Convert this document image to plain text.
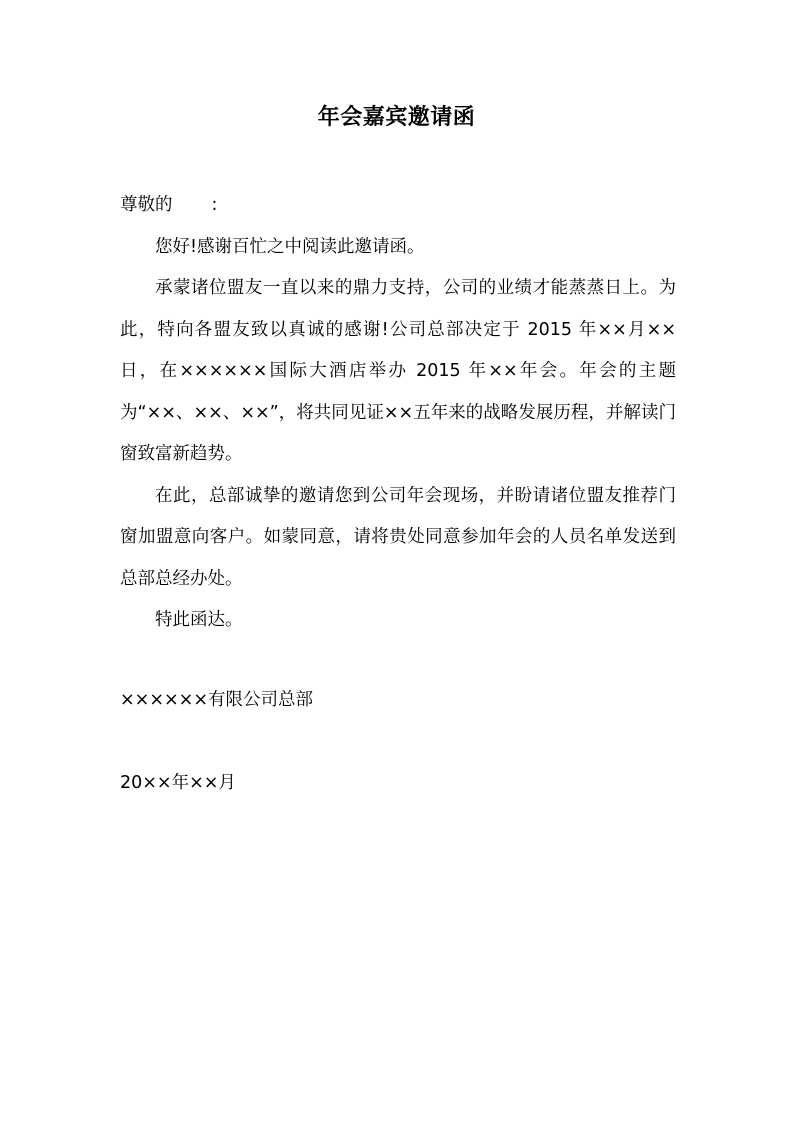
年会嘉宾邀请函

尊敬的       :

您好!感谢百忙之中阅读此邀请函。

承蒙诸位盟友一直以来的鼎力支持，公司的业绩才能蒸蒸日上。为此，特向各盟友致以真诚的感谢!公司总部决定于 2015 年××月××日，在××××××国际大酒店举办 2015 年××年会。年会的主题为“××、××、××”，将共同见证××五年来的战略发展历程，并解读门窗致富新趋势。

在此，总部诚挚的邀请您到公司年会现场，并盼请诸位盟友推荐门窗加盟意向客户。如蒙同意，请将贵处同意参加年会的人员名单发送到总部总经办处。

特此函达。

××××××有限公司总部
20××年××月
